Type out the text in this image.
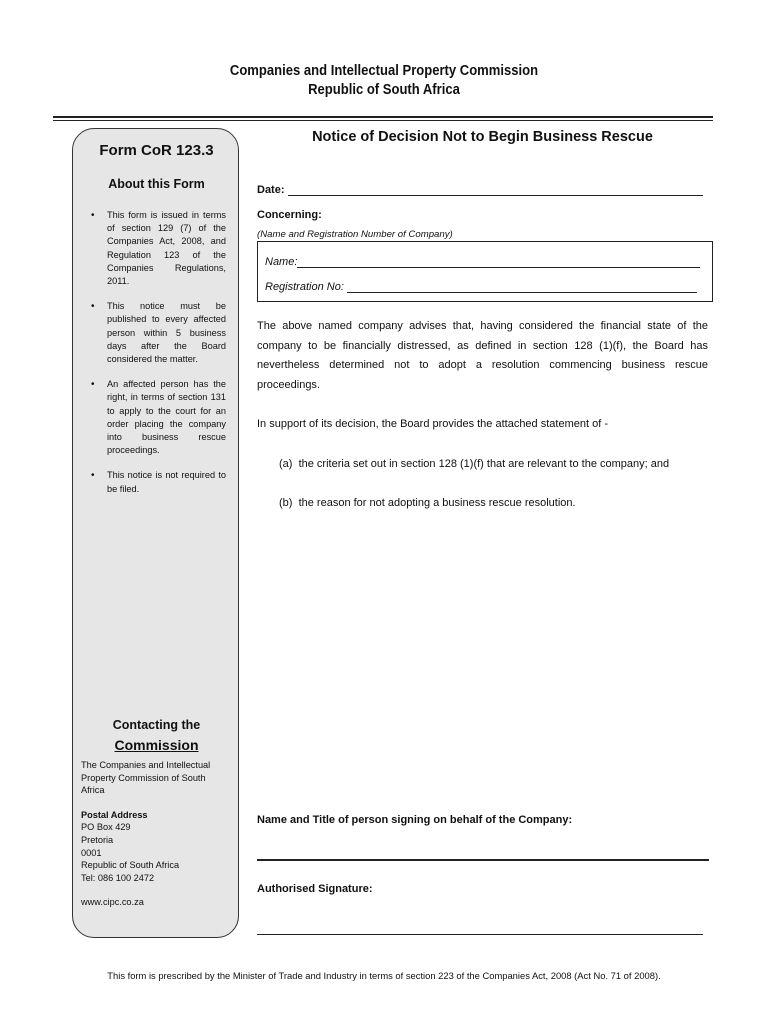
Companies and Intellectual Property Commission
Republic of South Africa
Form CoR 123.3
About this Form
• This form is issued in terms of section 129 (7) of the Companies Act, 2008, and Regulation 123 of the Companies Regulations, 2011.
• This notice must be published to every affected person within 5 business days after the Board considered the matter.
• An affected person has the right, in terms of section 131 to apply to the court for an order placing the company into business rescue proceedings.
• This notice is not required to be filed.
Contacting the
Commission
The Companies and Intellectual Property Commission of South Africa
Postal Address
PO Box 429
Pretoria
0001
Republic of South Africa
Tel: 086 100 2472
www.cipc.co.za
Notice of Decision Not to Begin Business Rescue
Date:
Concerning:
(Name and Registration Number of Company)
Name:
Registration No:
The above named company advises that, having considered the financial state of the company to be financially distressed, as defined in section 128 (1)(f), the Board has nevertheless determined not to adopt a resolution commencing business rescue proceedings.
In support of its decision, the Board provides the attached statement of -
(a) the criteria set out in section 128 (1)(f) that are relevant to the company; and
(b) the reason for not adopting a business rescue resolution.
Name and Title of person signing on behalf of the Company:
Authorised Signature:
This form is prescribed by the Minister of Trade and Industry in terms of section 223 of the Companies Act, 2008 (Act No. 71 of 2008).
